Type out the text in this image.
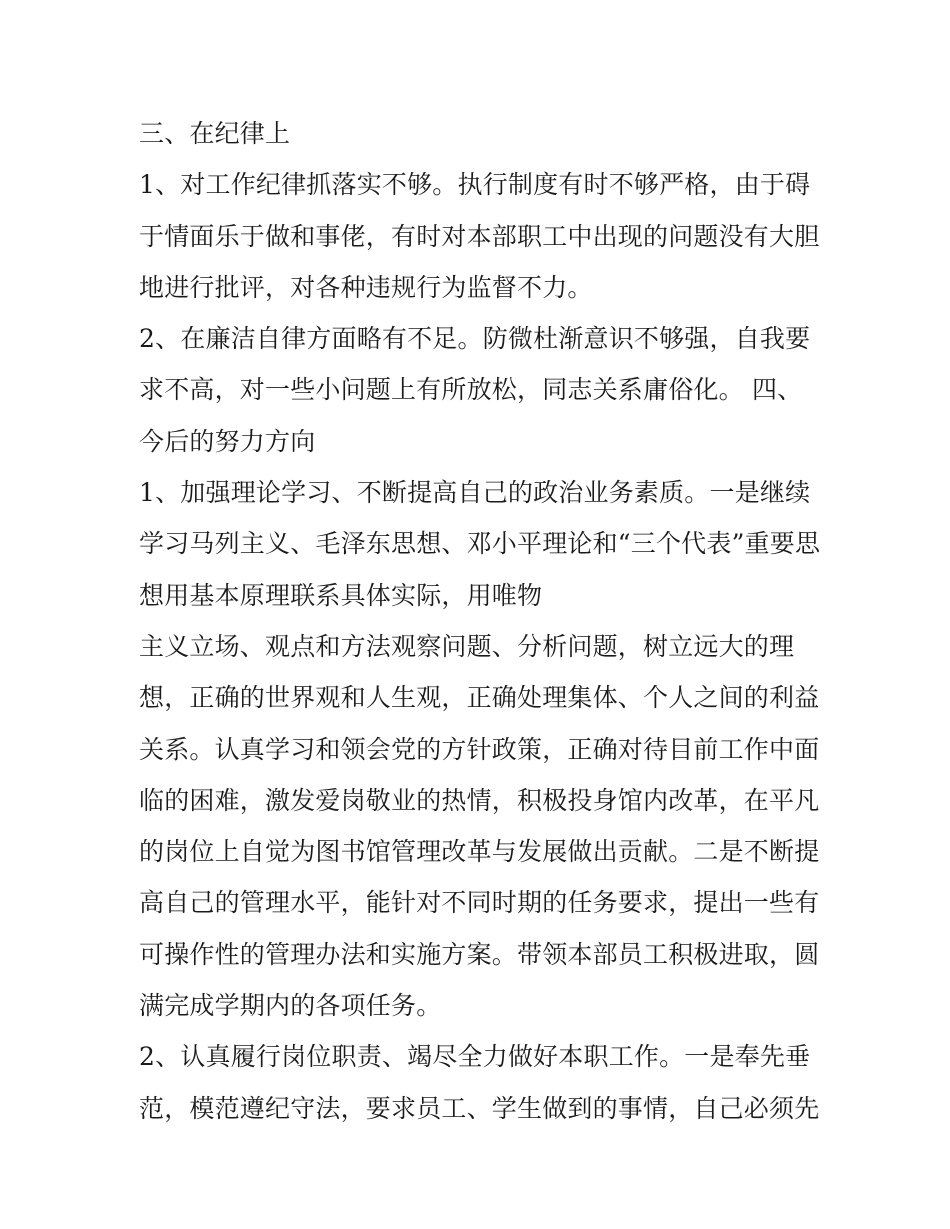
三、在纪律上
1、对工作纪律抓落实不够。执行制度有时不够严格，由于碍
于情面乐于做和事佬，有时对本部职工中出现的问题没有大胆
地进行批评，对各种违规行为监督不力。
2、在廉洁自律方面略有不足。防微杜渐意识不够强，自我要
求不高，对一些小问题上有所放松，同志关系庸俗化。 四、
今后的努力方向
1、加强理论学习、不断提高自己的政治业务素质。一是继续
学习马列主义、毛泽东思想、邓小平理论和“三个代表”重要思
想用基本原理联系具体实际，用唯物
主义立场、观点和方法观察问题、分析问题，树立远大的理
想，正确的世界观和人生观，正确处理集体、个人之间的利益
关系。认真学习和领会党的方针政策，正确对待目前工作中面
临的困难，激发爱岗敬业的热情，积极投身馆内改革，在平凡
的岗位上自觉为图书馆管理改革与发展做出贡献。二是不断提
高自己的管理水平，能针对不同时期的任务要求，提出一些有
可操作性的管理办法和实施方案。带领本部员工积极进取，圆
满完成学期内的各项任务。
2、认真履行岗位职责、竭尽全力做好本职工作。一是奉先垂
范，模范遵纪守法，要求员工、学生做到的事情，自己必须先
